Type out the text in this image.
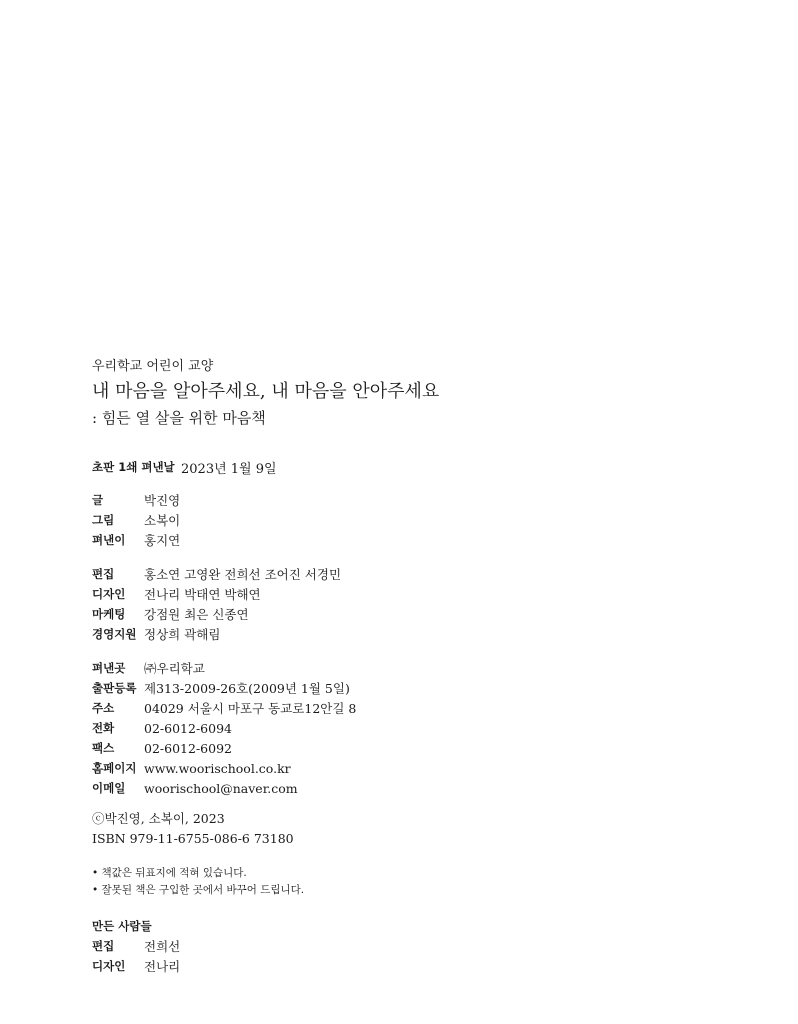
우리학교 어린이 교양

내 마음을 알아주세요, 내 마음을 안아주세요

: 힘든 열 살을 위한 마음책

초판 1쇄 펴낸날 2023년 1월 9일
글	박진영
그림	소복이
펴낸이	홍지연
편집	홍소연 고영완 전희선 조어진 서경민
디자인	전나리 박태연 박해연
마케팅	강점원 최은 신종연
경영지원 정상희 곽해림
펴낸곳	㈜우리학교
출판등록 제313-2009-26호(2009년 1월 5일)
주소	04029 서울시 마포구 동교로12안길 8
전화	02-6012-6094
팩스	02-6012-6092
홈페이지 www.woorischool.co.kr
이메일	woorischool@naver.com
ⓒ박진영, 소복이, 2023
ISBN 979-11-6755-086-6 73180
• 책값은 뒤표지에 적혀 있습니다.
• 잘못된 책은 구입한 곳에서 바꾸어 드립니다.
만든 사람들
편집	전희선
디자인	전나리
